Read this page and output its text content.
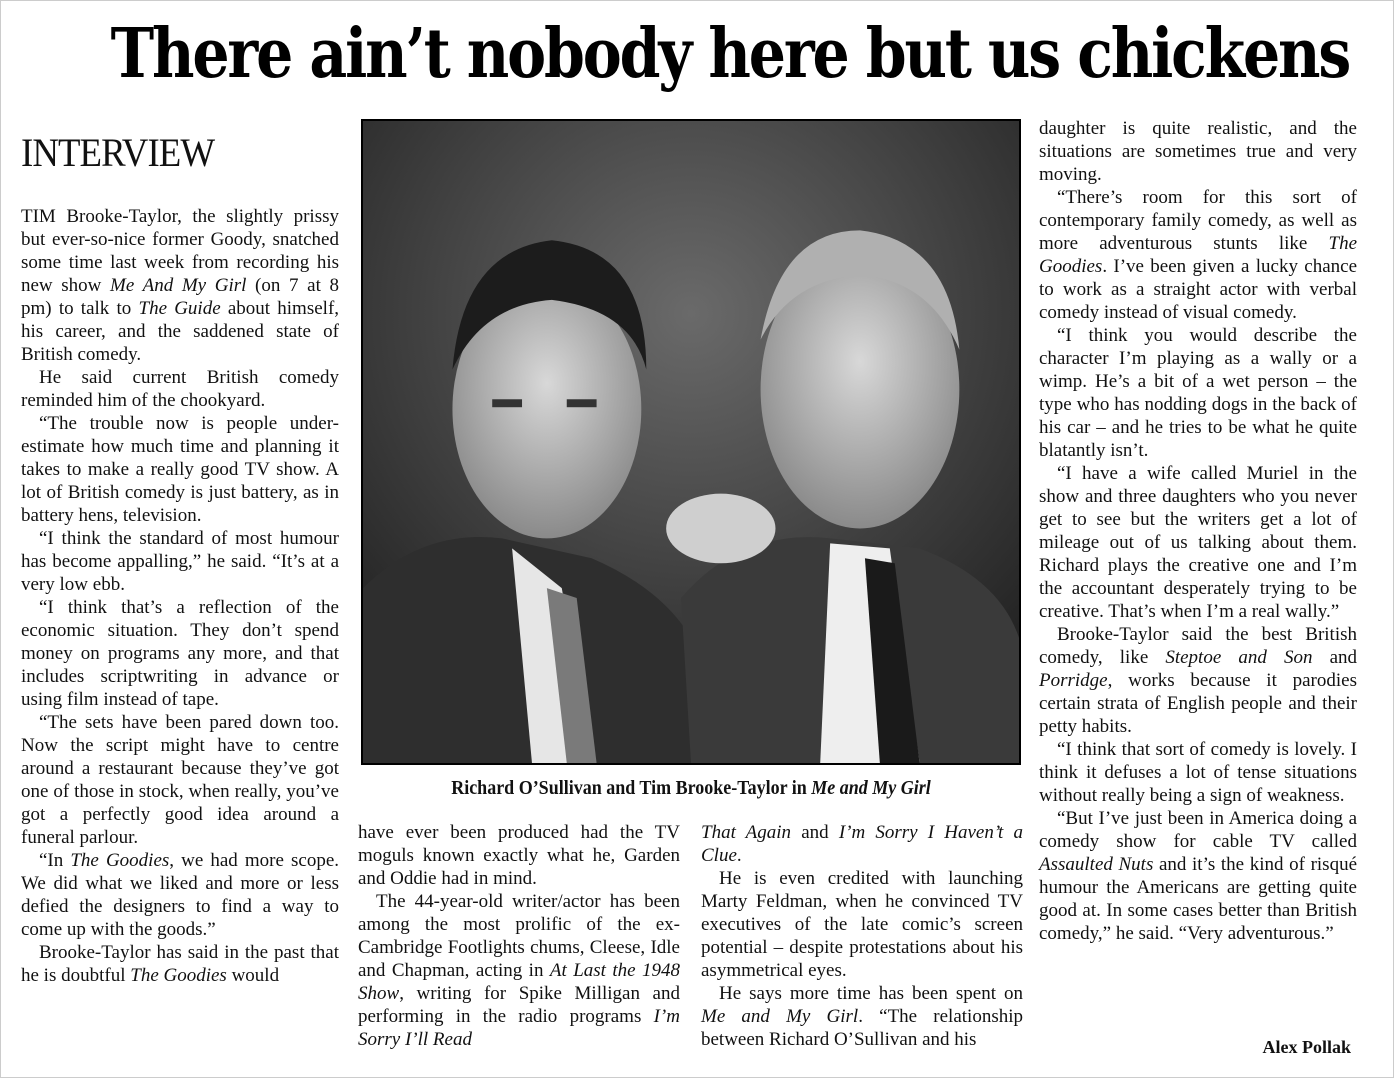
There ain’t nobody here but us chickens
INTERVIEW

TIM Brooke-Taylor, the slightly prissy but ever-so-nice former Goody, snatched some time last week from recording his new show Me And My Girl (on 7 at 8 pm) to talk to The Guide about himself, his career, and the saddened state of British comedy.

He said current British comedy reminded him of the chookyard.

“The trouble now is people under-estimate how much time and planning it takes to make a really good TV show. A lot of British comedy is just battery, as in battery hens, television.

“I think the standard of most humour has become appalling,” he said. “It’s at a very low ebb.

“I think that’s a reflection of the economic situation. They don’t spend money on programs any more, and that includes scriptwriting in advance or using film instead of tape.

“The sets have been pared down too. Now the script might have to centre around a restaurant because they’ve got one of those in stock, when really, you’ve got a perfectly good idea around a funeral parlour.

“In The Goodies, we had more scope. We did what we liked and more or less defied the designers to find a way to come up with the goods.”

Brooke-Taylor has said in the past that he is doubtful The Goodies would

Richard O’Sullivan and Tim Brooke-Taylor in Me and My Girl

have ever been produced had the TV moguls known exactly what he, Garden and Oddie had in mind.

The 44-year-old writer/actor has been among the most prolific of the ex-Cambridge Footlights chums, Cleese, Idle and Chapman, acting in At Last the 1948 Show, writing for Spike Milligan and performing in the radio programs I’m Sorry I’ll Read

That Again and I’m Sorry I Haven’t a Clue.

He is even credited with launching Marty Feldman, when he convinced TV executives of the late comic’s screen potential – despite protestations about his asymmetrical eyes.

He says more time has been spent on Me and My Girl. “The relationship between Richard O’Sullivan and his

daughter is quite realistic, and the situations are sometimes true and very moving.

“There’s room for this sort of contemporary family comedy, as well as more adventurous stunts like The Goodies. I’ve been given a lucky chance to work as a straight actor with verbal comedy instead of visual comedy.

“I think you would describe the character I’m playing as a wally or a wimp. He’s a bit of a wet person – the type who has nodding dogs in the back of his car – and he tries to be what he quite blatantly isn’t.

“I have a wife called Muriel in the show and three daughters who you never get to see but the writers get a lot of mileage out of us talking about them. Richard plays the creative one and I’m the accountant desperately trying to be creative. That’s when I’m a real wally.”

Brooke-Taylor said the best British comedy, like Steptoe and Son and Porridge, works because it parodies certain strata of English people and their petty habits.

“I think that sort of comedy is lovely. I think it defuses a lot of tense situations without really being a sign of weakness.

“But I’ve just been in America doing a comedy show for cable TV called Assaulted Nuts and it’s the kind of risqué humour the Americans are getting quite good at. In some cases better than British comedy,” he said. “Very adventurous.”

Alex Pollak
